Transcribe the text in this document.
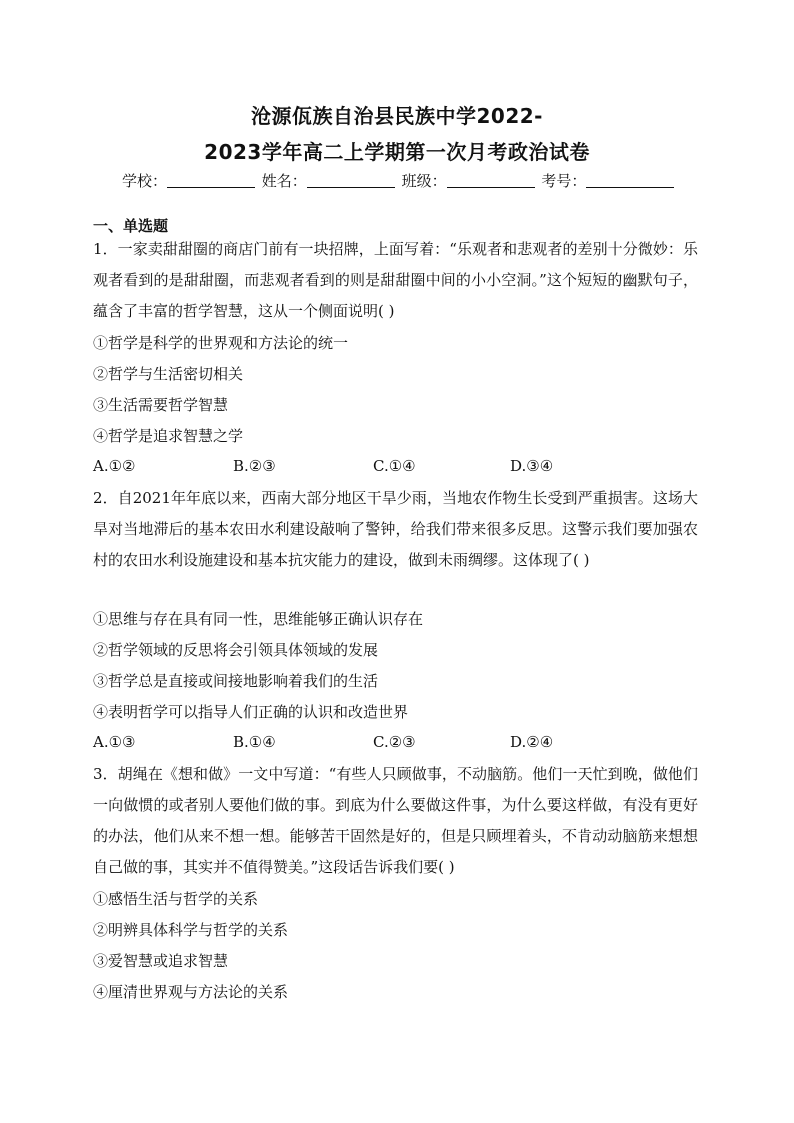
沧源佤族自治县民族中学2022-
2023学年高二上学期第一次月考政治试卷
学校：	姓名：	班级：	考号：
一、单选题
1．一家卖甜甜圈的商店门前有一块招牌，上面写着：“乐观者和悲观者的差别十分微妙：乐观者看到的是甜甜圈，而悲观者看到的则是甜甜圈中间的小小空洞。”这个短短的幽默句子，蕴含了丰富的哲学智慧，这从一个侧面说明( )
①哲学是科学的世界观和方法论的统一
②哲学与生活密切相关
③生活需要哲学智慧
④哲学是追求智慧之学
A.①②	B.②③	C.①④	D.③④
2．自2021年年底以来，西南大部分地区干旱少雨，当地农作物生长受到严重损害。这场大旱对当地滞后的基本农田水利建设敲响了警钟，给我们带来很多反思。这警示我们要加强农村的农田水利设施建设和基本抗灾能力的建设，做到未雨绸缪。这体现了( )
①思维与存在具有同一性，思维能够正确认识存在
②哲学领域的反思将会引领具体领域的发展
③哲学总是直接或间接地影响着我们的生活
④表明哲学可以指导人们正确的认识和改造世界
A.①③	B.①④	C.②③	D.②④
3．胡绳在《想和做》一文中写道：“有些人只顾做事，不动脑筋。他们一天忙到晚，做他们一向做惯的或者别人要他们做的事。到底为什么要做这件事，为什么要这样做，有没有更好的办法，他们从来不想一想。能够苦干固然是好的，但是只顾埋着头，不肯动动脑筋来想想自己做的事，其实并不值得赞美。”这段话告诉我们要( )
①感悟生活与哲学的关系
②明辨具体科学与哲学的关系
③爱智慧或追求智慧
④厘清世界观与方法论的关系
